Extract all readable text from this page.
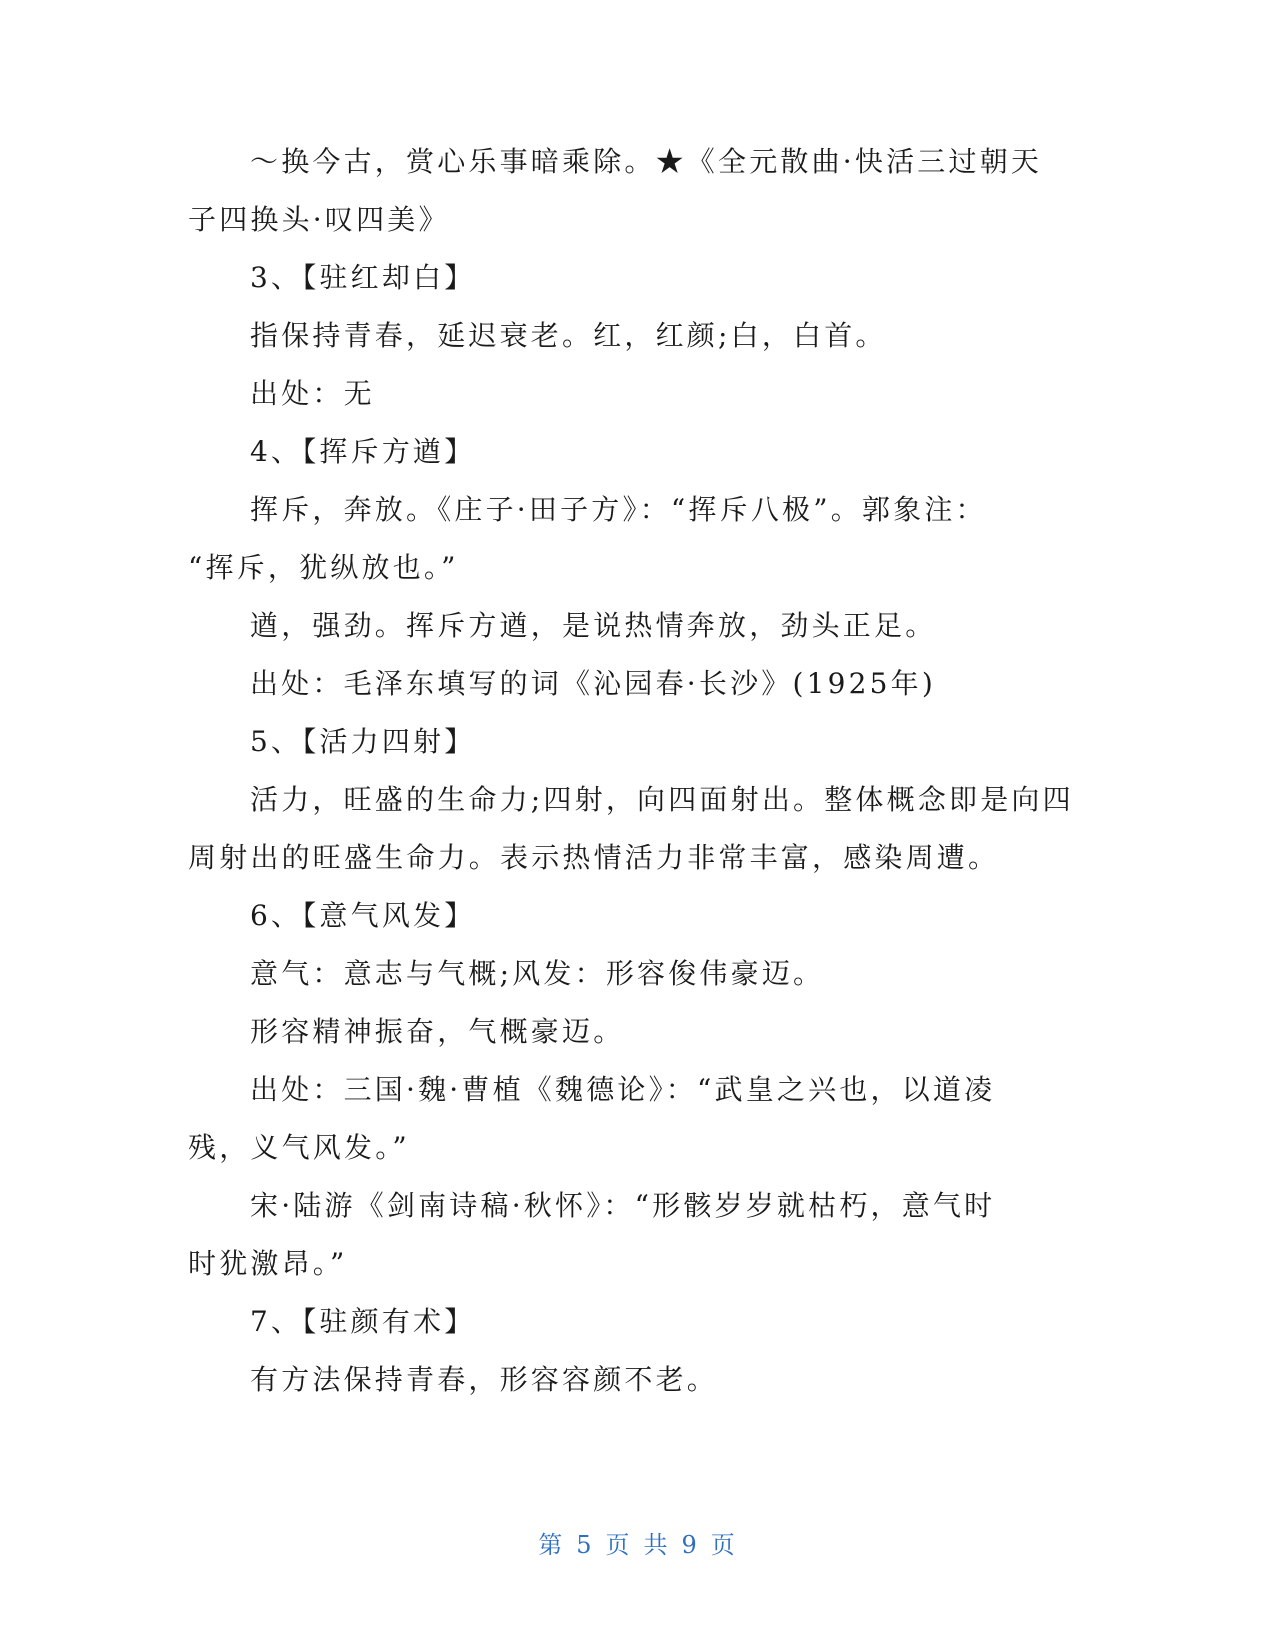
～换今古，赏心乐事暗乘除。★《全元散曲·快活三过朝天
子四换头·叹四美》
3、【驻红却白】
指保持青春，延迟衰老。红，红颜;白，白首。
出处：无
4、【挥斥方遒】
挥斥，奔放。《庄子·田子方》：“挥斥八极”。郭象注：
“挥斥，犹纵放也。”
遒，强劲。挥斥方遒，是说热情奔放，劲头正足。
出处：毛泽东填写的词《沁园春·长沙》(1925年)
5、【活力四射】
活力，旺盛的生命力;四射，向四面射出。整体概念即是向四
周射出的旺盛生命力。表示热情活力非常丰富，感染周遭。
6、【意气风发】
意气：意志与气概;风发：形容俊伟豪迈。
形容精神振奋，气概豪迈。
出处：三国·魏·曹植《魏德论》：“武皇之兴也，以道凌
残，义气风发。”
宋·陆游《剑南诗稿·秋怀》：“形骸岁岁就枯朽，意气时
时犹激昂。”
7、【驻颜有术】
有方法保持青春，形容容颜不老。
第 5 页 共 9 页
